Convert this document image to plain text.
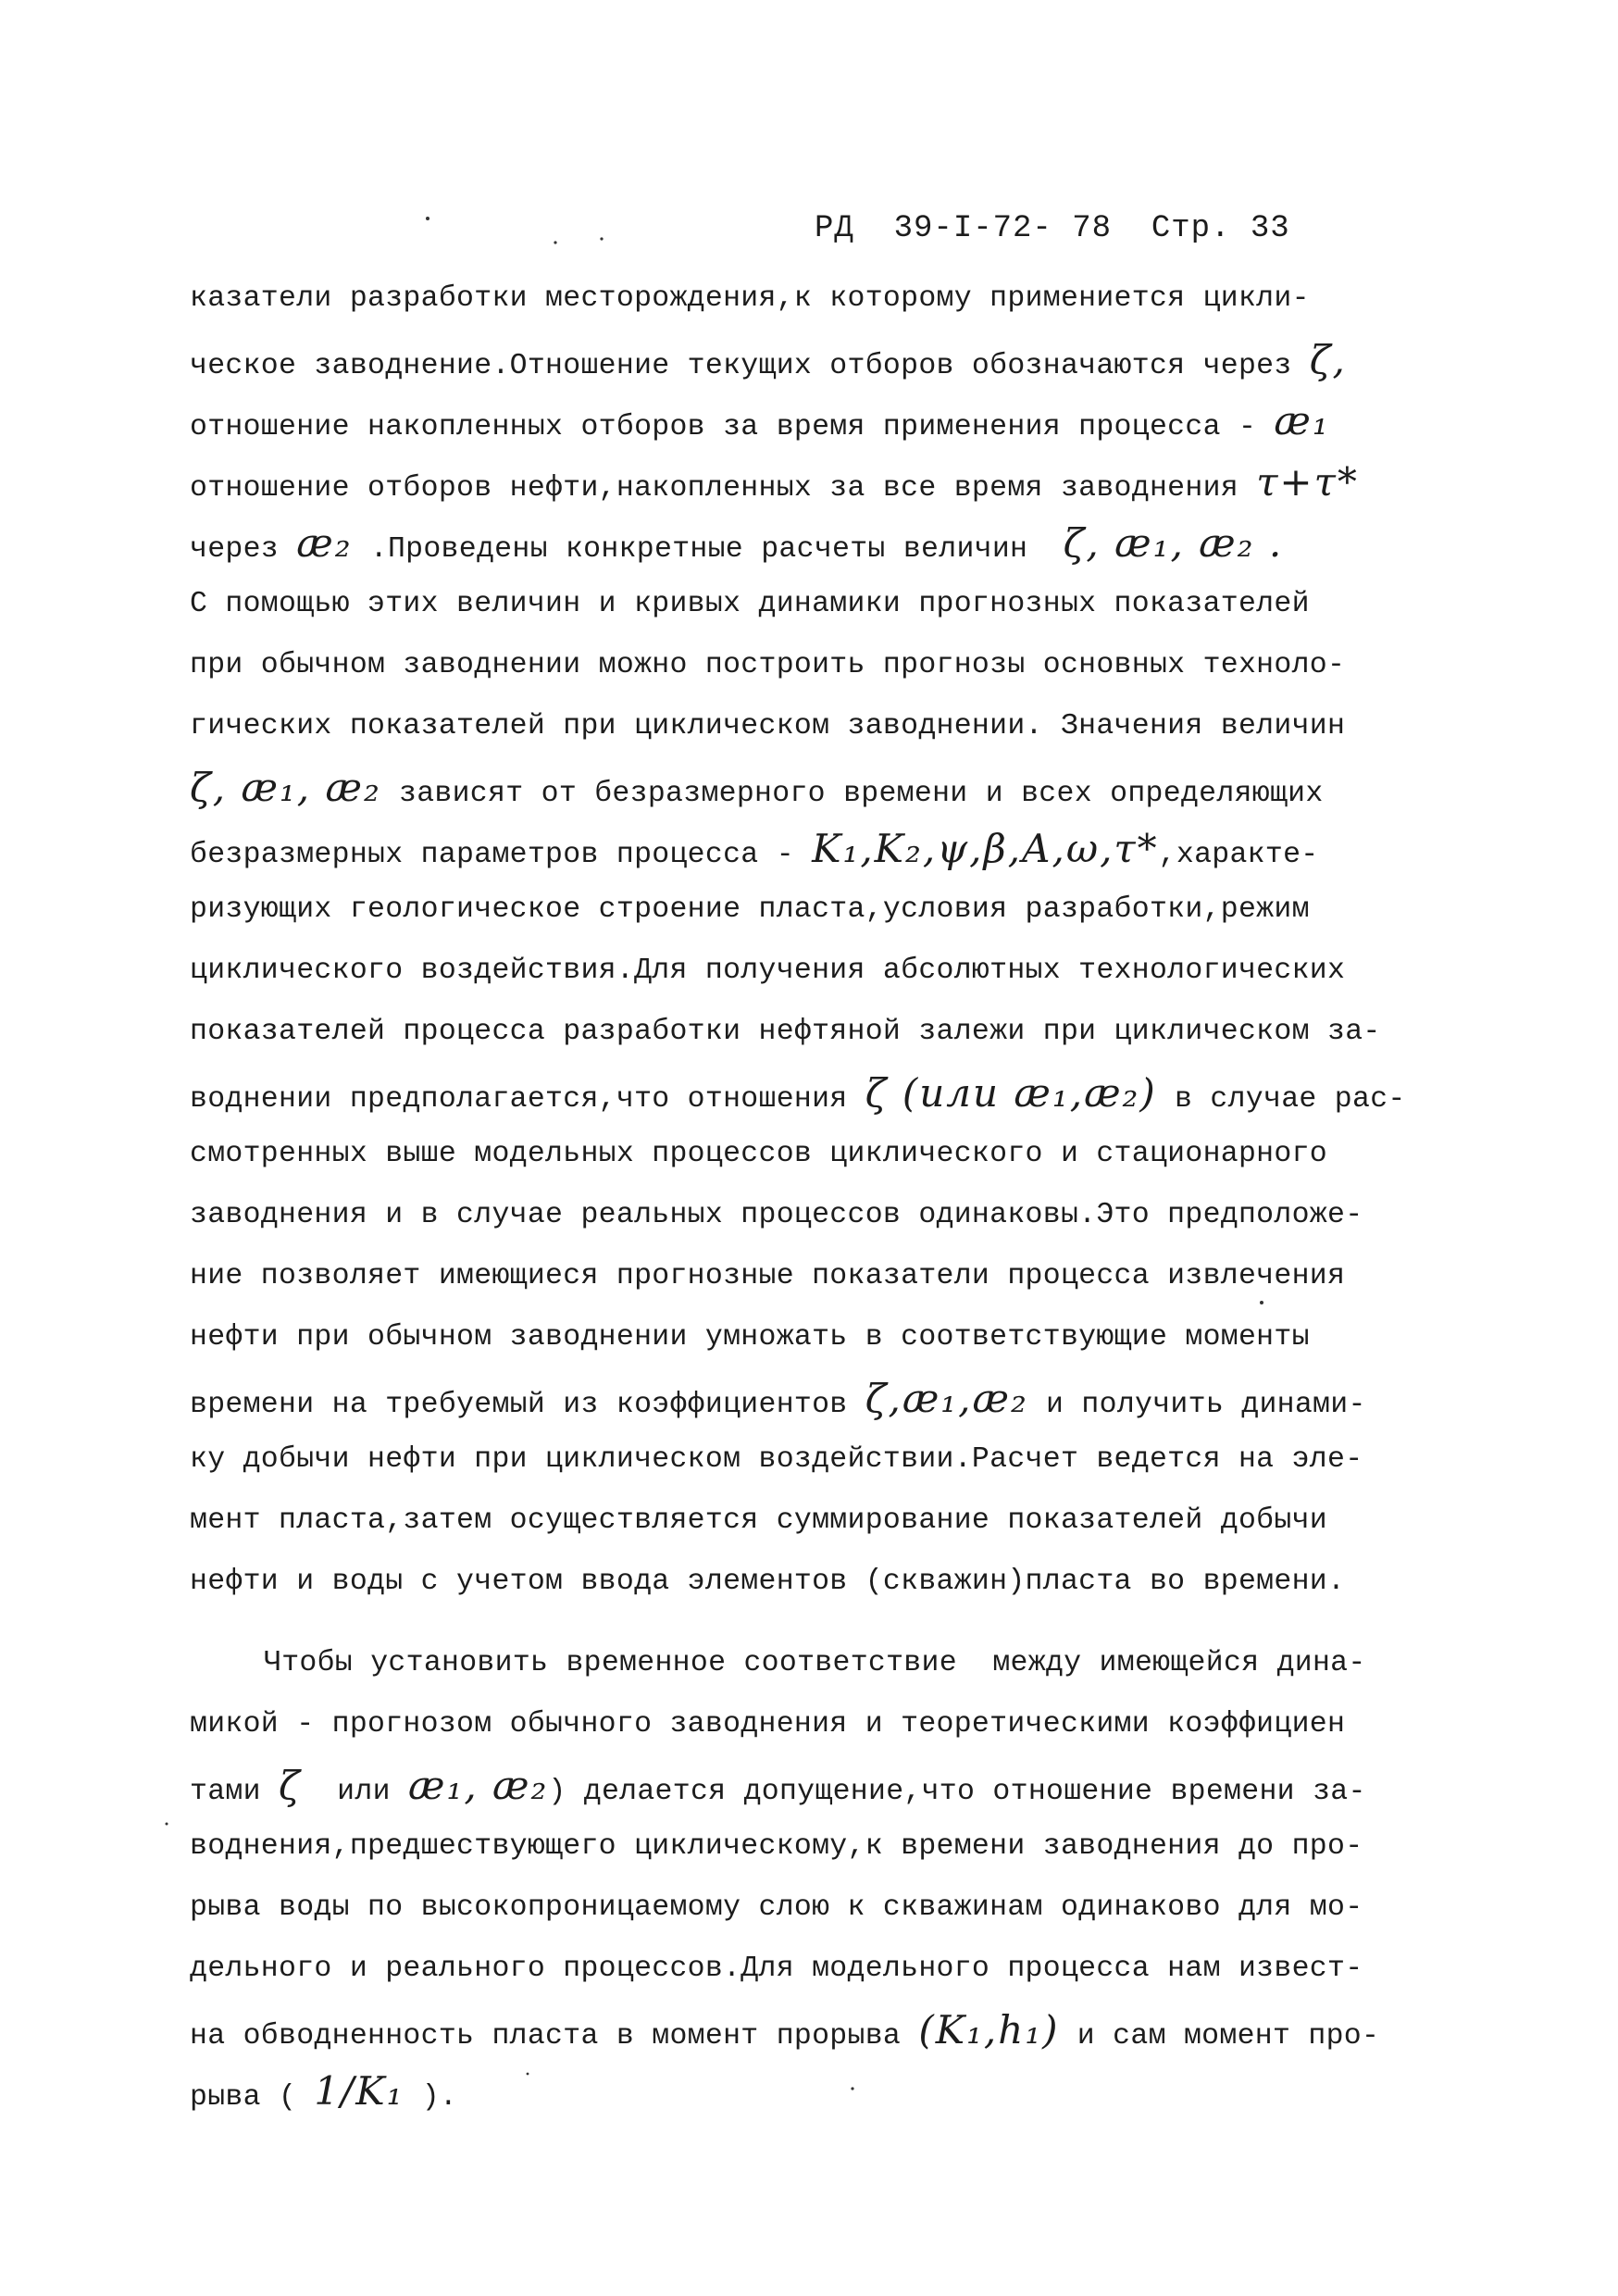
РД  39-I-72- 78  Стр. 33
казатели разработки месторождения,к которому примениется цикли-
ческое заводнение.Отношение текущих отборов обозначаются через ζ,
отношение накопленных отборов за время применения процесса - æ₁
отношение отборов нефти,накопленных за все время заводнения τ+τ*
через æ₂ .Проведены конкретные расчеты величин  ζ, æ₁, æ₂ .
С помощью этих величин и кривых динамики прогнозных показателей
при обычном заводнении можно построить прогнозы основных техноло-
гических показателей при циклическом заводнении. Значения величин
ζ, æ₁, æ₂ зависят от безразмерного времени и всех определяющих
безразмерных параметров процесса - K₁,K₂,ψ,β,A,ω,τ*,характе-
ризующих геологическое строение пласта,условия разработки,режим
циклического воздействия.Для получения абсолютных технологических
показателей процесса разработки нефтяной залежи при циклическом за-
воднении предполагается,что отношения ζ (или æ₁,æ₂) в случае рас-
смотренных выше модельных процессов циклического и стационарного
заводнения и в случае реальных процессов одинаковы.Это предположе-
ние позволяет имеющиеся прогнозные показатели процесса извлечения
нефти при обычном заводнении умножать в соответствующие моменты
времени на требуемый из коэффициентов ζ,æ₁,æ₂ и получить динами-
ку добычи нефти при циклическом воздействии.Расчет ведется на эле-
мент пласта,затем осуществляется суммирование показателей добычи
нефти и воды с учетом ввода элементов (скважин)пласта во времени.
Чтобы установить временное соответствие  между имеющейся дина-
микой - прогнозом обычного заводнения и теоретическими коэффициен
тами ζ  или æ₁, æ₂) делается допущение,что отношение времени за-
воднения,предшествующего циклическому,к времени заводнения до про-
рыва воды по высокопроницаемому слою к скважинам одинаково для мо-
дельного и реального процессов.Для модельного процесса нам извест-
на обводненность пласта в момент прорыва (K₁,h₁) и сам момент про-
рыва ( 1/K₁ ).
